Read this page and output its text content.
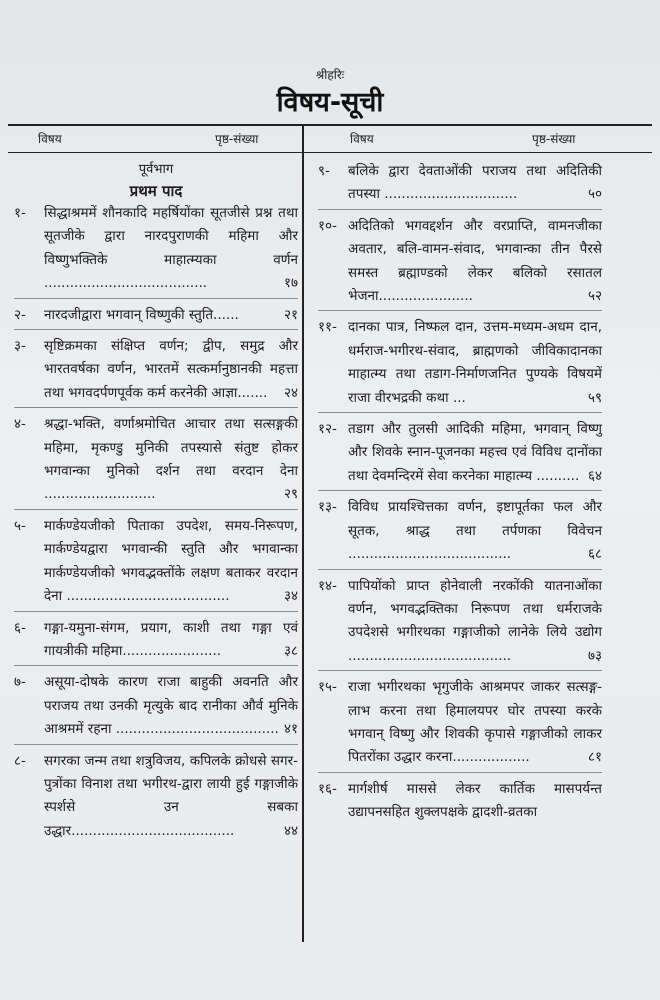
श्रीहरिः
विषय-सूची
विषय	पृष्ठ-संख्या	विषय	पृष्ठ-संख्या
पूर्वभाग
प्रथम पाद
१-	सिद्धाश्रममें शौनकादि महर्षियोंका सूतजीसे प्रश्न तथा सूतजीके द्वारा नारदपुराणकी महिमा और विष्णुभक्तिके माहात्म्यका वर्णन ......................................	१७
२-	नारदजीद्वारा भगवान् विष्णुकी स्तुति......	२१
३-	सृष्टिक्रमका संक्षिप्त वर्णन; द्वीप, समुद्र और भारतवर्षका वर्णन, भारतमें सत्कर्मानुष्ठानकी महत्ता तथा भगवदर्पणपूर्वक कर्म करनेकी आज्ञा....... २४
४-	श्रद्धा-भक्ति, वर्णाश्रमोचित आचार तथा सत्सङ्गकी महिमा, मृकण्डु मुनिकी तपस्यासे संतुष्ट होकर भगवान्का मुनिको दर्शन तथा वरदान देना ..........................	२९
५-	मार्कण्डेयजीको पिताका उपदेश, समय-निरूपण, मार्कण्डेयद्वारा भगवान्की स्तुति और भगवान्का मार्कण्डेयजीको भगवद्भक्तोंके लक्षण बताकर वरदान देना ......................................	३४
६-	गङ्गा-यमुना-संगम, प्रयाग, काशी तथा गङ्गा एवं गायत्रीकी महिमा.......................	३८
७-	असूया-दोषके कारण राजा बाहुकी अवनति और पराजय तथा उनकी मृत्युके बाद रानीका और्व मुनिके आश्रममें रहना ...................................... ४१
८-	सगरका जन्म तथा शत्रुविजय, कपिलके क्रोधसे सगर-पुत्रोंका विनाश तथा भगीरथ-द्वारा लायी हुई गङ्गाजीके स्पर्शसे उन सबका उद्धार......................................	४४
९-	बलिके द्वारा देवताओंकी पराजय तथा अदितिकी तपस्या ...............................	५०
१०- अदितिको भगवद्दर्शन और वरप्राप्ति, वामनजीका अवतार, बलि-वामन-संवाद, भगवान्का तीन पैरसे समस्त ब्रह्माण्डको लेकर बलिको रसातल भेजना......................	५२
११- दानका पात्र, निष्फल दान, उत्तम-मध्यम-अधम दान, धर्मराज-भगीरथ-संवाद, ब्राह्मणको जीविकादानका माहात्म्य तथा तडाग-निर्माणजनित पुण्यके विषयमें राजा वीरभद्रकी कथा ...	५९
१२- तडाग और तुलसी आदिकी महिमा, भगवान् विष्णु और शिवके स्नान-पूजनका महत्त्व एवं विविध दानोंका तथा देवमन्दिरमें सेवा करनेका माहात्म्य .......... ६४
१३- विविध प्रायश्चित्तका वर्णन, इष्टापूर्तका फल और सूतक, श्राद्ध तथा तर्पणका विवेचन ......................................	६८
१४- पापियोंको प्राप्त होनेवाली नरकोंकी यातनाओंका वर्णन, भगवद्भक्तिका निरूपण तथा धर्मराजके उपदेशसे भगीरथका गङ्गाजीको लानेके लिये उद्योग ......................................	७३
१५- राजा भगीरथका भृगुजीके आश्रमपर जाकर सत्सङ्ग-लाभ करना तथा हिमालयपर घोर तपस्या करके भगवान् विष्णु और शिवकी कृपासे गङ्गाजीको लाकर पितरोंका उद्धार करना..................	८१
१६- मार्गशीर्ष माससे लेकर कार्तिक मासपर्यन्त उद्यापनसहित शुक्लपक्षके द्वादशी-व्रतका
